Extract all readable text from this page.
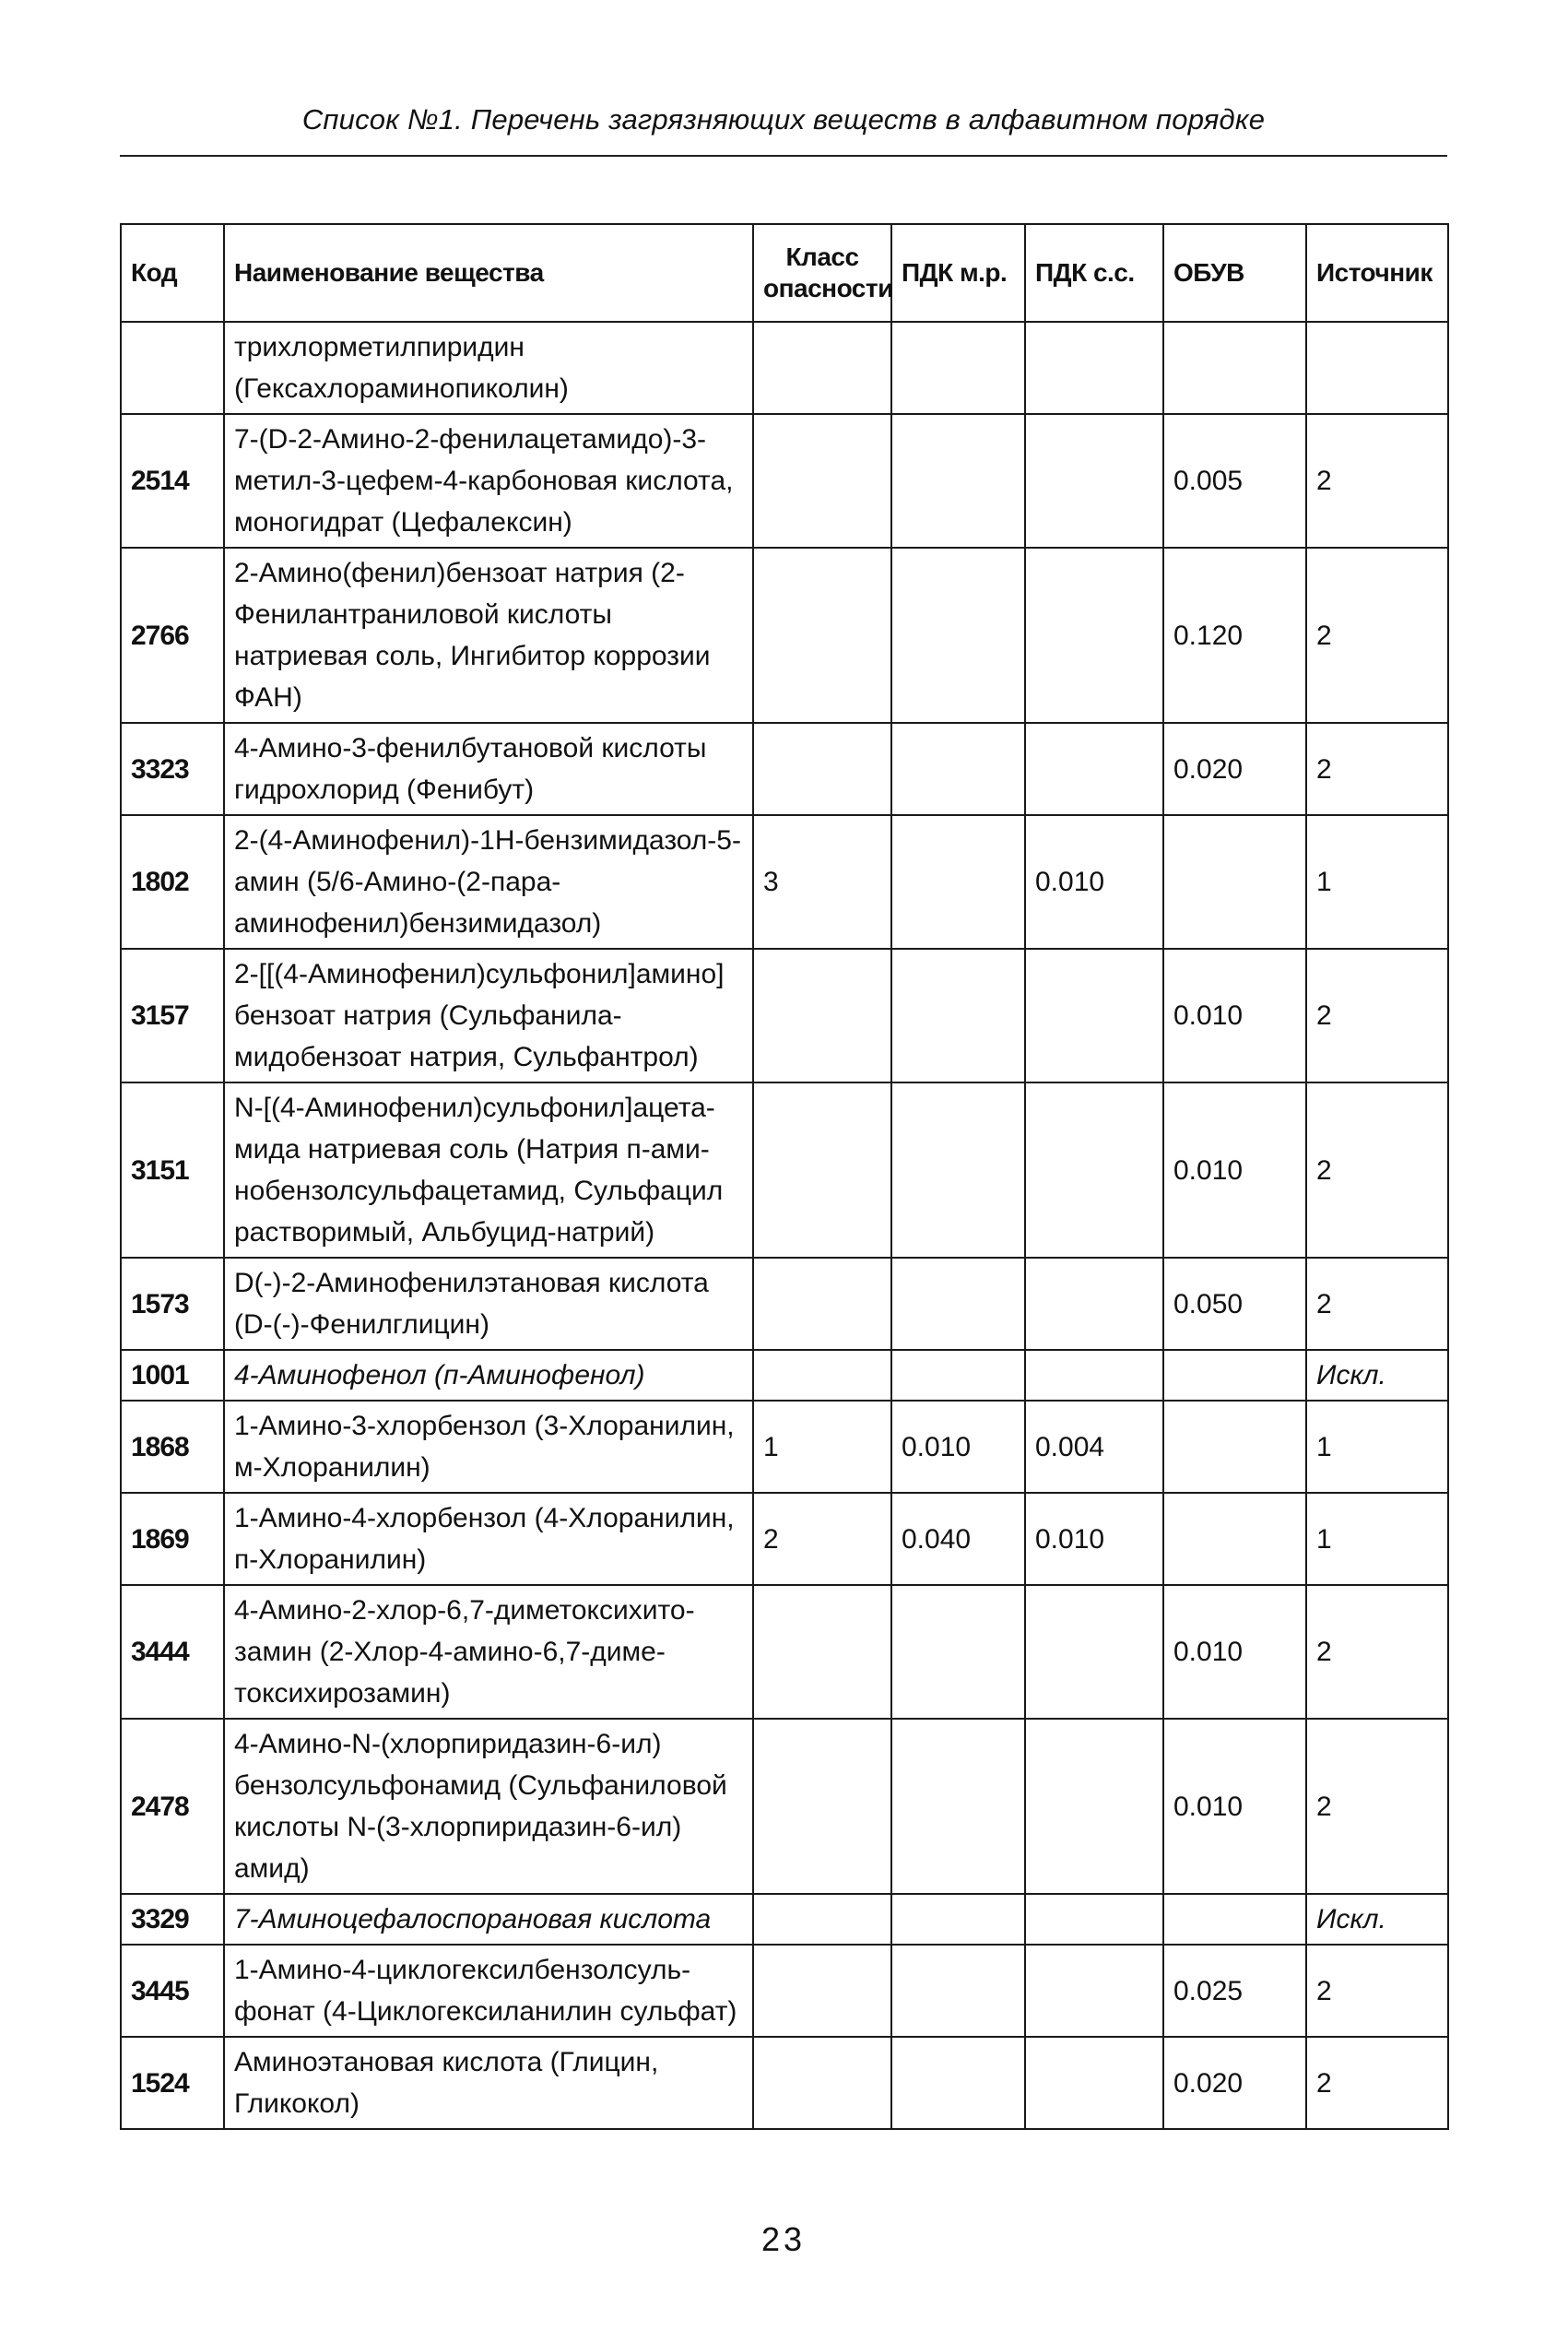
Список №1. Перечень загрязняющих веществ в алфавитном порядке
Код	Наименование вещества	Класс опасности	ПДК м.р.	ПДК с.с.	ОБУВ	Источник
	трихлорметилпиридин (Гексахлораминопиколин)					
2514	7-(D-2-Амино-2-фенилацетамидо)-3-метил-3-цефем-4-карбоновая кислота, моногидрат (Цефалексин)				0.005	2
2766	2-Амино(фенил)бензоат натрия (2-Фенилантраниловой кислоты натриевая соль, Ингибитор коррозии ФАН)				0.120	2
3323	4-Амино-3-фенилбутановой кислоты гидрохлорид (Фенибут)				0.020	2
1802	2-(4-Аминофенил)-1H-бензимидазол-5-амин (5/6-Амино-(2-пара-аминофенил)бензимидазол)	3		0.010		1
3157	2-[[(4-Аминофенил)сульфонил]амино] бензоат натрия (Сульфанила-мидобензоат натрия, Сульфантрол)				0.010	2
3151	N-[(4-Аминофенил)сульфонил]ацета-мида натриевая соль (Натрия п-ами-нобензолсульфацетамид, Сульфацил растворимый, Альбуцид-натрий)				0.010	2
1573	D(-)-2-Аминофенилэтановая кислота (D-(-)-Фенилглицин)				0.050	2
1001	4-Аминофенол (п-Аминофенол)					Искл.
1868	1-Амино-3-хлорбензол (3-Хлоранилин, м-Хлоранилин)	1	0.010	0.004		1
1869	1-Амино-4-хлорбензол (4-Хлоранилин, п-Хлоранилин)	2	0.040	0.010		1
3444	4-Амино-2-хлор-6,7-диметоксихито-замин (2-Хлор-4-амино-6,7-диме-токсихирозамин)				0.010	2
2478	4-Амино-N-(хлорпиридазин-6-ил) бензолсульфонамид (Сульфаниловой кислоты N-(3-хлорпиридазин-6-ил) амид)				0.010	2
3329	7-Аминоцефалоспорановая кислота					Искл.
3445	1-Амино-4-циклогексилбензолсуль-фонат (4-Циклогексиланилин сульфат)				0.025	2
1524	Аминоэтановая кислота (Глицин, Гликокол)				0.020	2
23
